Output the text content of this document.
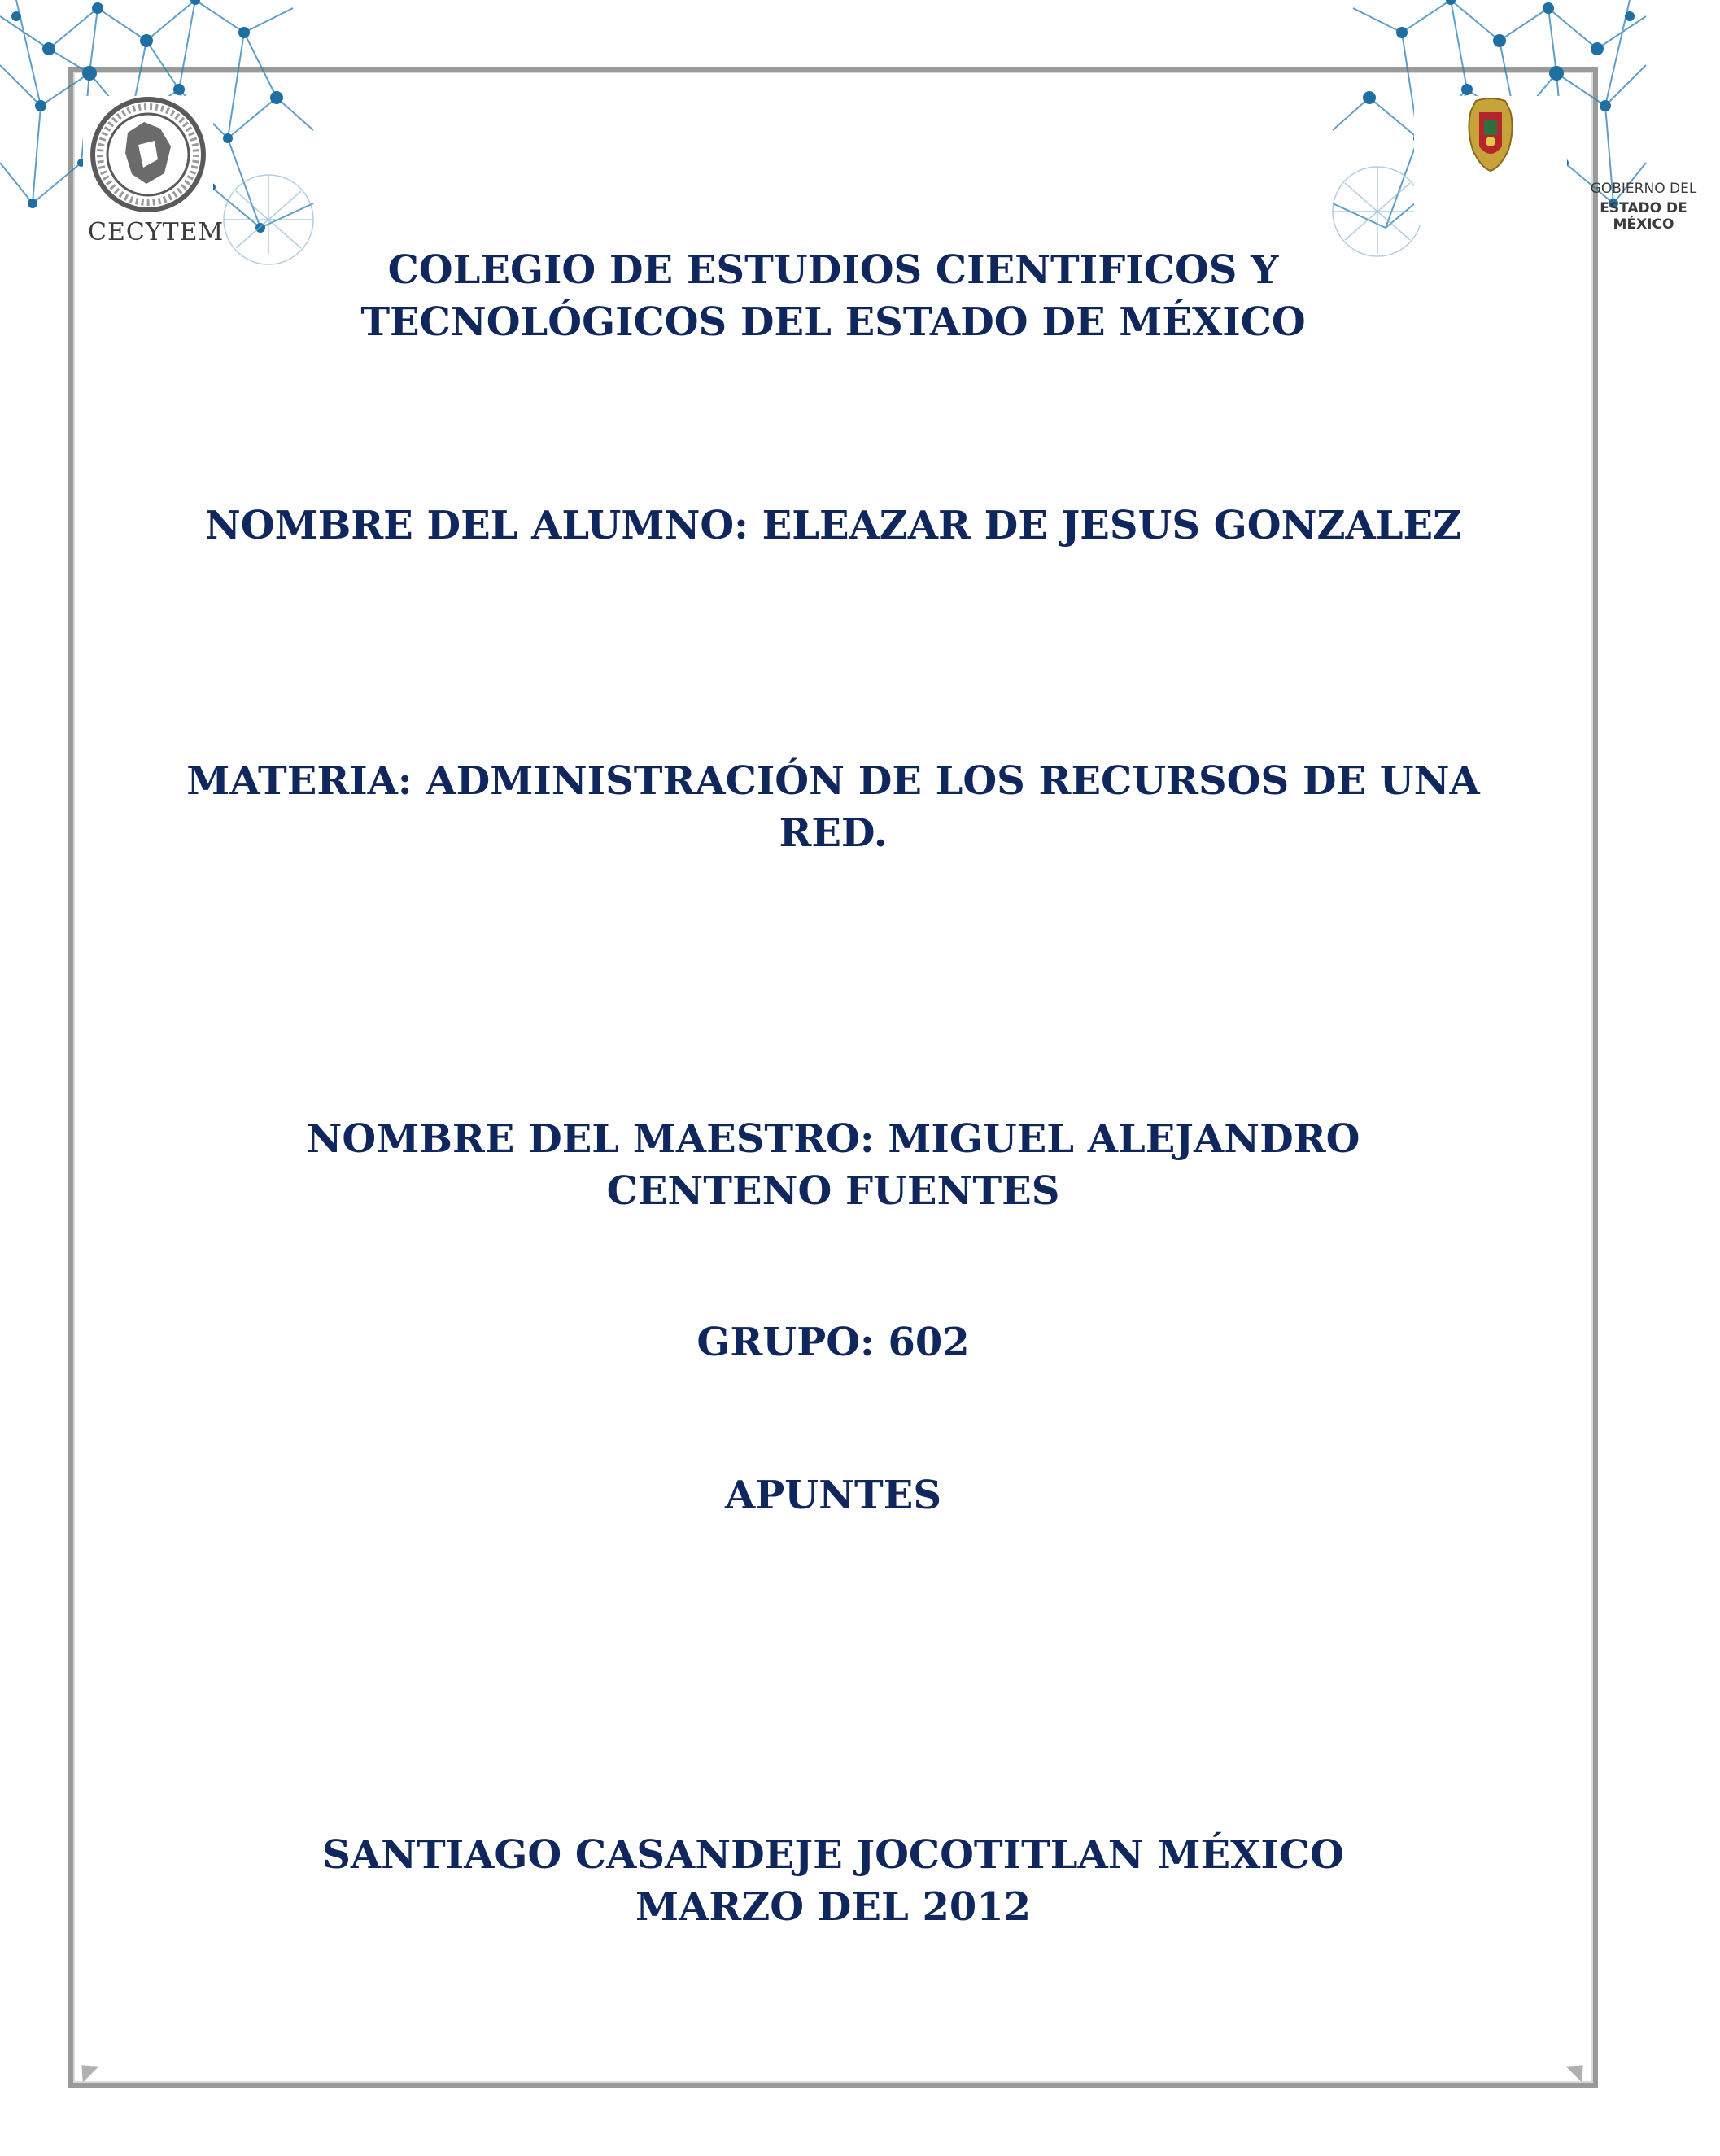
CECYTEM
GOBIERNO DEL
ESTADO DE MÉXICO
COLEGIO DE ESTUDIOS CIENTIFICOS Y
TECNOLÓGICOS DEL ESTADO DE MÉXICO
NOMBRE DEL ALUMNO: ELEAZAR DE JESUS GONZALEZ
MATERIA: ADMINISTRACIÓN DE LOS RECURSOS DE UNA
RED.
NOMBRE DEL MAESTRO: MIGUEL ALEJANDRO
CENTENO FUENTES
GRUPO: 602
APUNTES
SANTIAGO CASANDEJE JOCOTITLAN MÉXICO
MARZO DEL 2012
